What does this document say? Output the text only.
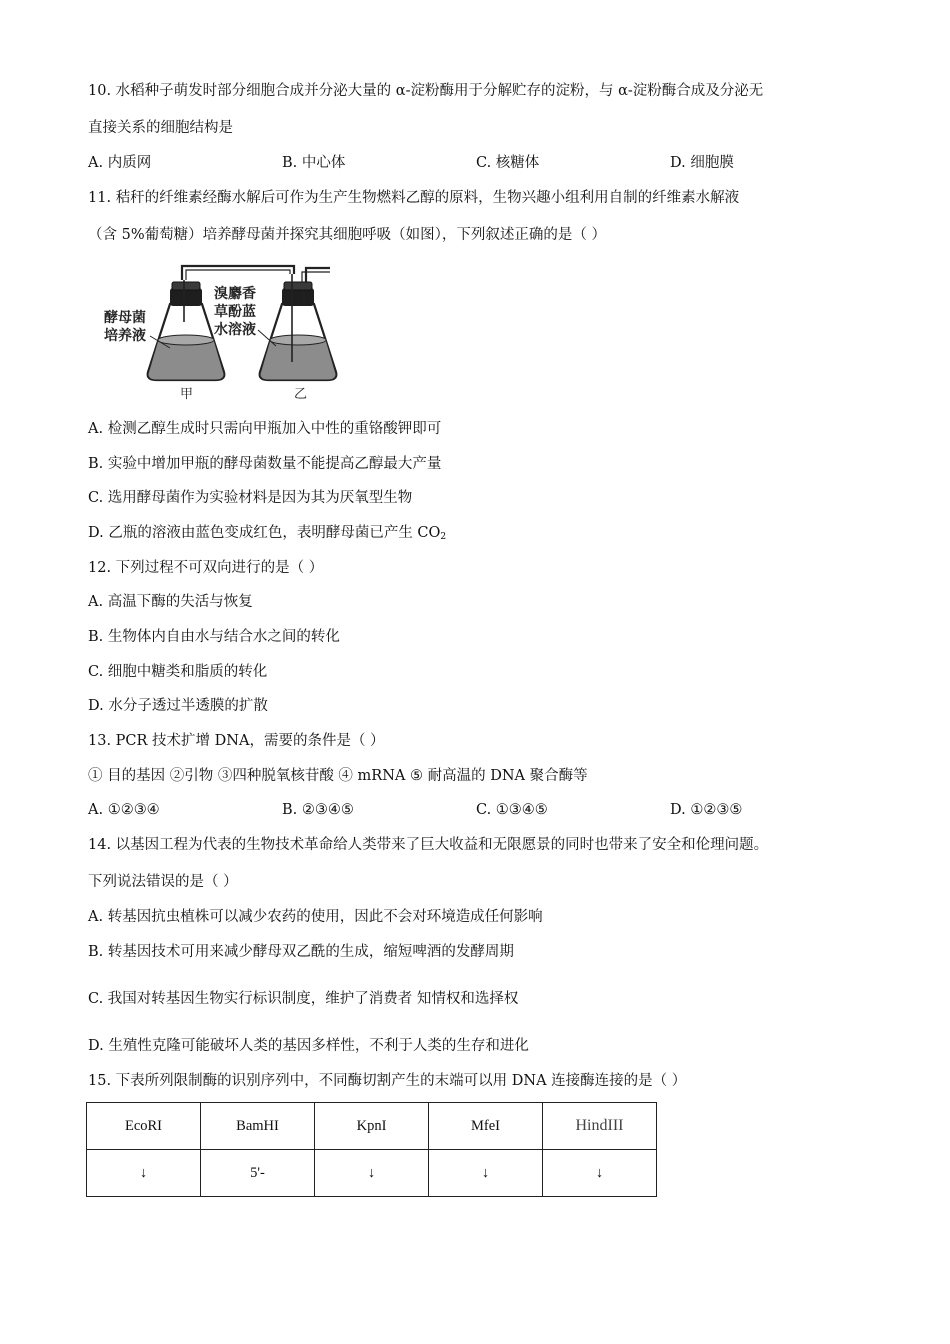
10. 水稻种子萌发时部分细胞合成并分泌大量的 α-淀粉酶用于分解贮存的淀粉，与 α-淀粉酶合成及分泌无
直接关系的细胞结构是
A. 内质网	B. 中心体	C. 核糖体	D. 细胞膜
11. 秸秆的纤维素经酶水解后可作为生产生物燃料乙醇的原料，生物兴趣小组利用自制的纤维素水解液
（含 5%葡萄糖）培养酵母菌并探究其细胞呼吸（如图），下列叙述正确的是（ ）
酵母菌
培养液
溴麝香
草酚蓝
水溶液
甲	乙
A. 检测乙醇生成时只需向甲瓶加入中性的重铬酸钾即可
B. 实验中增加甲瓶的酵母菌数量不能提高乙醇最大产量
C. 选用酵母菌作为实验材料是因为其为厌氧型生物
D. 乙瓶的溶液由蓝色变成红色，表明酵母菌已产生 $CO_2$
12. 下列过程不可双向进行的是（ ）
A. 高温下酶的失活与恢复
B. 生物体内自由水与结合水之间的转化
C. 细胞中糖类和脂质的转化
D. 水分子透过半透膜的扩散
13. PCR 技术扩增 DNA，需要的条件是（ ）
① 目的基因 ②引物 ③四种脱氧核苷酸 ④ mRNA ⑤ 耐高温的 DNA 聚合酶等
A. ①②③④	B. ②③④⑤	C. ①③④⑤	D. ①②③⑤
14. 以基因工程为代表的生物技术革命给人类带来了巨大收益和无限愿景的同时也带来了安全和伦理问题。
下列说法错误的是（ ）
A. 转基因抗虫植株可以减少农药的使用，因此不会对环境造成任何影响
B. 转基因技术可用来减少酵母双乙酰的生成，缩短啤酒的发酵周期
C. 我国对转基因生物实行标识制度，维护了消费者 知情权和选择权
D. 生殖性克隆可能破坏人类的基因多样性，不利于人类的生存和进化
15. 下表所列限制酶的识别序列中，不同酶切割产生的末端可以用 DNA 连接酶连接的是（ ）
EcoRI	BamHI	KpnI	MfeI	HindIII
↓	5'-	↓	↓	↓
